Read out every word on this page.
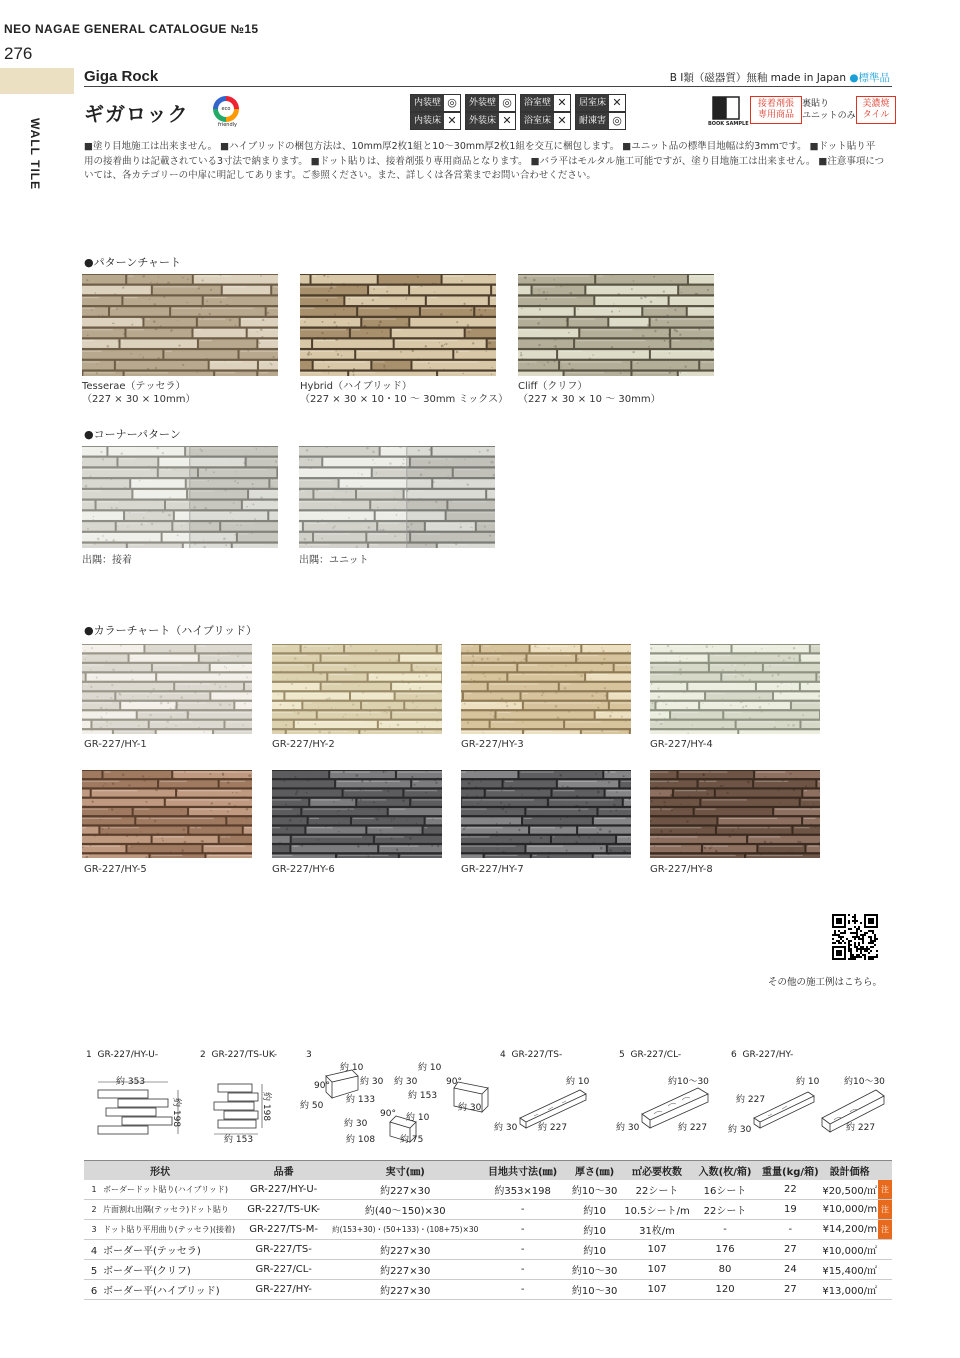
NEO NAGAE GENERAL CATALOGUE №15
276
WALL TILE
Giga Rock
ギガロック	eco friendly
B Ⅰ類（磁器質）無釉 made in Japan ●標準品
内装壁 ◎	外装壁 ◎	浴室壁 ✕	居室床 ✕
内装床 ✕	外装床 ✕	浴室床 ✕	耐凍害 ◎	BOOK SAMPLE
接着剤張
専用商品
裏貼り
ユニットのみ
美濃焼
タイル
■塗り目地施工は出来ません。 ■ハイブリッドの梱包方法は、10mm厚2枚1組と10～30mm厚2枚1組を交互に梱包します。 ■ユニット品の標準目地幅は約3mmです。 ■ドット貼り平
用の接着曲りは記載されている3寸法で納まります。 ■ドット貼りは、接着剤張り専用商品となります。 ■バラ平はモルタル施工可能ですが、塗り目地施工は出来ません。 ■注意事項につ
いては、各カテゴリーの中扉に明記してあります。ご参照ください。また、詳しくは各営業までお問い合わせください。
●パターンチャート
Tesserae（テッセラ）
（227 × 30 × 10mm）
Hybrid（ハイブリッド）
（227 × 30 × 10・10 ～ 30mm ミックス）
Cliff（クリフ）
（227 × 30 × 10 ～ 30mm）
●コーナーパターン
出隅：接着	出隅：ユニット
●カラーチャート（ハイブリッド）
GR-227/HY-1	GR-227/HY-2	GR-227/HY-3	GR-227/HY-4
GR-227/HY-5	GR-227/HY-6	GR-227/HY-7	GR-227/HY-8
その他の施工例はこちら。
1 GR-227/HY-U-	2 GR-227/TS-UK-	3	4 GR-227/TS-	5 GR-227/CL-	6 GR-227/HY-
約 353
約 198	約 198
約 153
約 10
90°	約 30
約 50
約 133
約 10
約 30	90°
約 153
約 30
約 30
90° 約 10
約 108	約 75
約 10
約 30 約 227
約10～30
約 30	約 227
約 10	約10～30
約 227
約 30	約 227
形状	品番	実寸(㎜)	目地共寸法(㎜)	厚さ(㎜)	㎡必要枚数	入数(枚/箱)	重量(kg/箱)	設計価格	
1 ボーダードット貼り(ハイブリッド)	GR-227/HY-U-	約227×30	約353×198	約10～30	22シート	16シート	22	¥20,500/㎡	注
2 片面割れ出隅(テッセラ)ドット貼り	GR-227/TS-UK-	約(40～150)×30	-	約10	10.5シート/m	22シート	19	¥10,000/m	注
3 ドット貼り平用曲り(テッセラ)(接着)	GR-227/TS-M-	約(153+30)・(50+133)・(108+75)×30	-	約10	31枚/m	-	-	¥14,200/m	注
4 ボーダー平(テッセラ)	GR-227/TS-	約227×30	-	約10	107	176	27	¥10,000/㎡	
5 ボーダー平(クリフ)	GR-227/CL-	約227×30	-	約10～30	107	80	24	¥15,400/㎡	
6 ボーダー平(ハイブリッド)	GR-227/HY-	約227×30	-	約10～30	107	120	27	¥13,000/㎡	
